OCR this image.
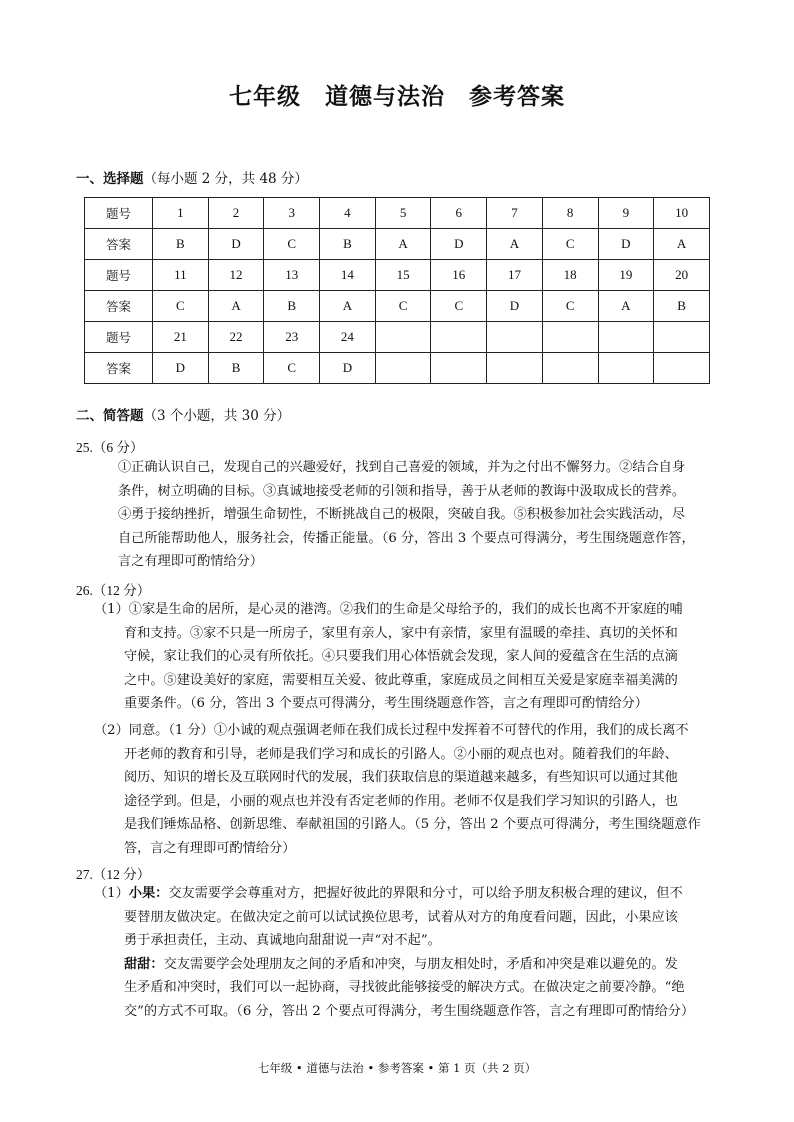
七年级　道德与法治　参考答案
一、选择题（每小题 2 分，共 48 分）
题号	1	2	3	4	5	6	7	8	9	10
答案	B	D	C	B	A	D	A	C	D	A
题号	11	12	13	14	15	16	17	18	19	20
答案	C	A	B	A	C	C	D	C	A	B
题号	21	22	23	24						
答案	D	B	C	D						
二、简答题（3 个小题，共 30 分）
25.（6 分）
①正确认识自己，发现自己的兴趣爱好，找到自己喜爱的领域，并为之付出不懈努力。②结合自身
条件，树立明确的目标。③真诚地接受老师的引领和指导，善于从老师的教诲中汲取成长的营养。
④勇于接纳挫折，增强生命韧性，不断挑战自己的极限，突破自我。⑤积极参加社会实践活动，尽
自己所能帮助他人，服务社会，传播正能量。（6 分，答出 3 个要点可得满分，考生围绕题意作答，
言之有理即可酌情给分）
26.（12 分）
（1）①家是生命的居所，是心灵的港湾。②我们的生命是父母给予的，我们的成长也离不开家庭的哺
育和支持。③家不只是一所房子，家里有亲人，家中有亲情，家里有温暖的牵挂、真切的关怀和
守候，家让我们的心灵有所依托。④只要我们用心体悟就会发现，家人间的爱蕴含在生活的点滴
之中。⑤建设美好的家庭，需要相互关爱、彼此尊重，家庭成员之间相互关爱是家庭幸福美满的
重要条件。（6 分，答出 3 个要点可得满分，考生围绕题意作答，言之有理即可酌情给分）
（2）同意。（1 分）①小诚的观点强调老师在我们成长过程中发挥着不可替代的作用，我们的成长离不
开老师的教育和引导，老师是我们学习和成长的引路人。②小丽的观点也对。随着我们的年龄、
阅历、知识的增长及互联网时代的发展，我们获取信息的渠道越来越多，有些知识可以通过其他
途径学到。但是，小丽的观点也并没有否定老师的作用。老师不仅是我们学习知识的引路人，也
是我们锤炼品格、创新思维、奉献祖国的引路人。（5 分，答出 2 个要点可得满分，考生围绕题意作
答，言之有理即可酌情给分）
27.（12 分）
（1）小果：交友需要学会尊重对方，把握好彼此的界限和分寸，可以给予朋友积极合理的建议，但不
要替朋友做决定。在做决定之前可以试试换位思考，试着从对方的角度看问题，因此，小果应该
勇于承担责任，主动、真诚地向甜甜说一声“对不起”。
甜甜：交友需要学会处理朋友之间的矛盾和冲突，与朋友相处时，矛盾和冲突是难以避免的。发
生矛盾和冲突时，我们可以一起协商，寻找彼此能够接受的解决方式。在做决定之前要冷静。“绝
交”的方式不可取。（6 分，答出 2 个要点可得满分，考生围绕题意作答，言之有理即可酌情给分）
七年级 • 道德与法治 • 参考答案 • 第 1 页（共 2 页）
